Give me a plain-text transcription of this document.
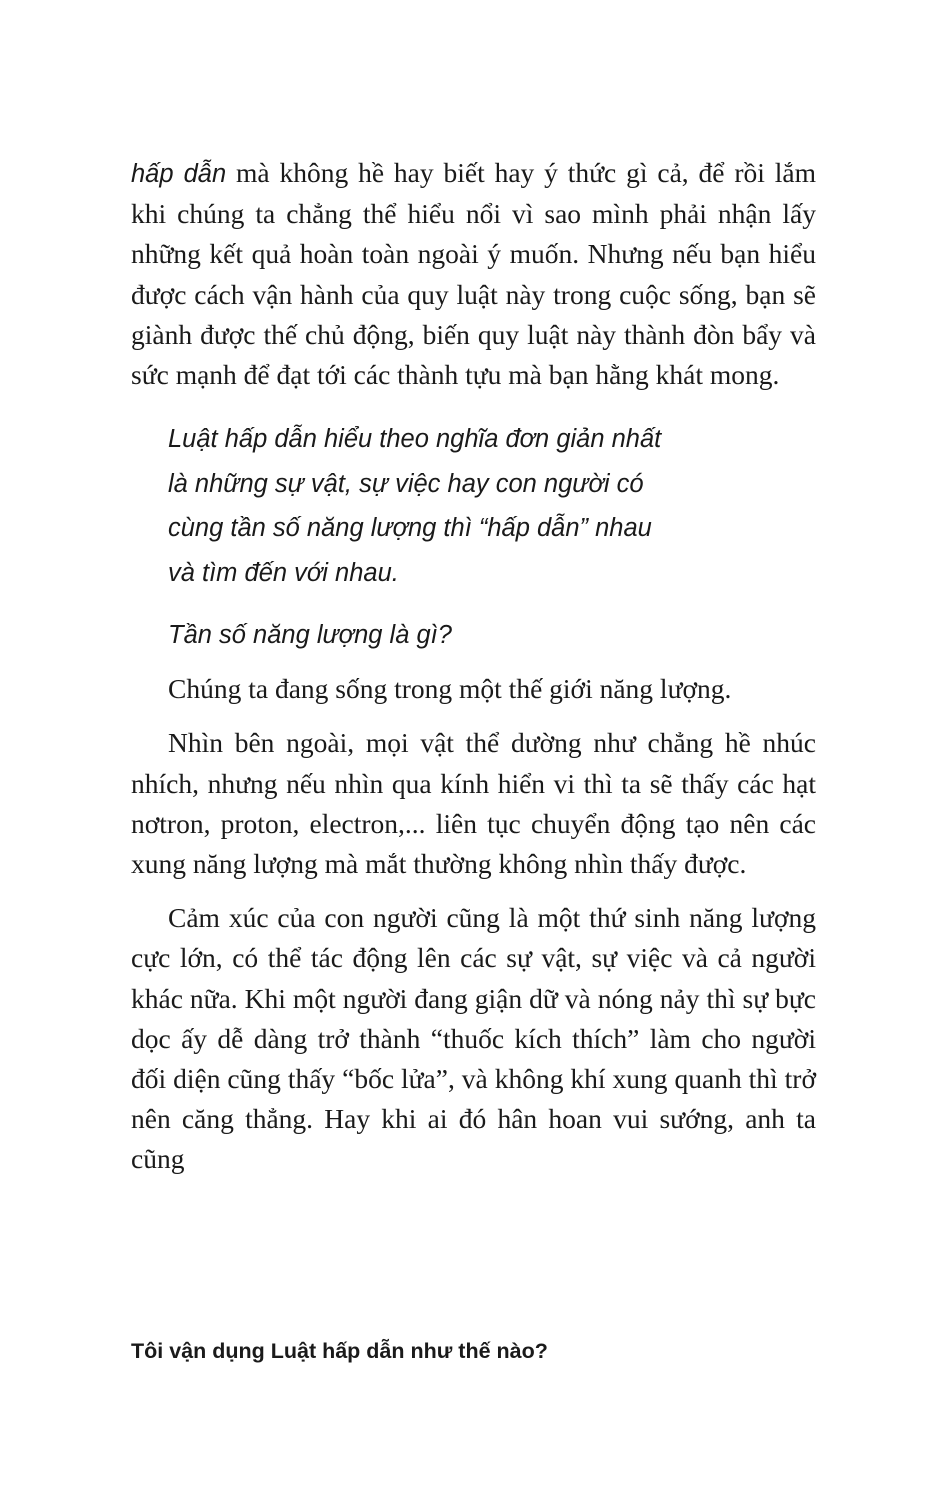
hấp dẫn mà không hề hay biết hay ý thức gì cả, để rồi lắm khi chúng ta chẳng thể hiểu nổi vì sao mình phải nhận lấy những kết quả hoàn toàn ngoài ý muốn. Nhưng nếu bạn hiểu được cách vận hành của quy luật này trong cuộc sống, bạn sẽ giành được thế chủ động, biến quy luật này thành đòn bẩy và sức mạnh để đạt tới các thành tựu mà bạn hằng khát mong.

Luật hấp dẫn hiểu theo nghĩa đơn giản nhất
là những sự vật, sự việc hay con người có
cùng tần số năng lượng thì “hấp dẫn” nhau
và tìm đến với nhau.
Tần số năng lượng là gì?

Chúng ta đang sống trong một thế giới năng lượng.

Nhìn bên ngoài, mọi vật thể dường như chẳng hề nhúc nhích, nhưng nếu nhìn qua kính hiển vi thì ta sẽ thấy các hạt nơtron, proton, electron,... liên tục chuyển động tạo nên các xung năng lượng mà mắt thường không nhìn thấy được.

Cảm xúc của con người cũng là một thứ sinh năng lượng cực lớn, có thể tác động lên các sự vật, sự việc và cả người khác nữa. Khi một người đang giận dữ và nóng nảy thì sự bực dọc ấy dễ dàng trở thành “thuốc kích thích” làm cho người đối diện cũng thấy “bốc lửa”, và không khí xung quanh thì trở nên căng thẳng. Hay khi ai đó hân hoan vui sướng, anh ta cũng

Tôi vận dụng Luật hấp dẫn như thế nào?
